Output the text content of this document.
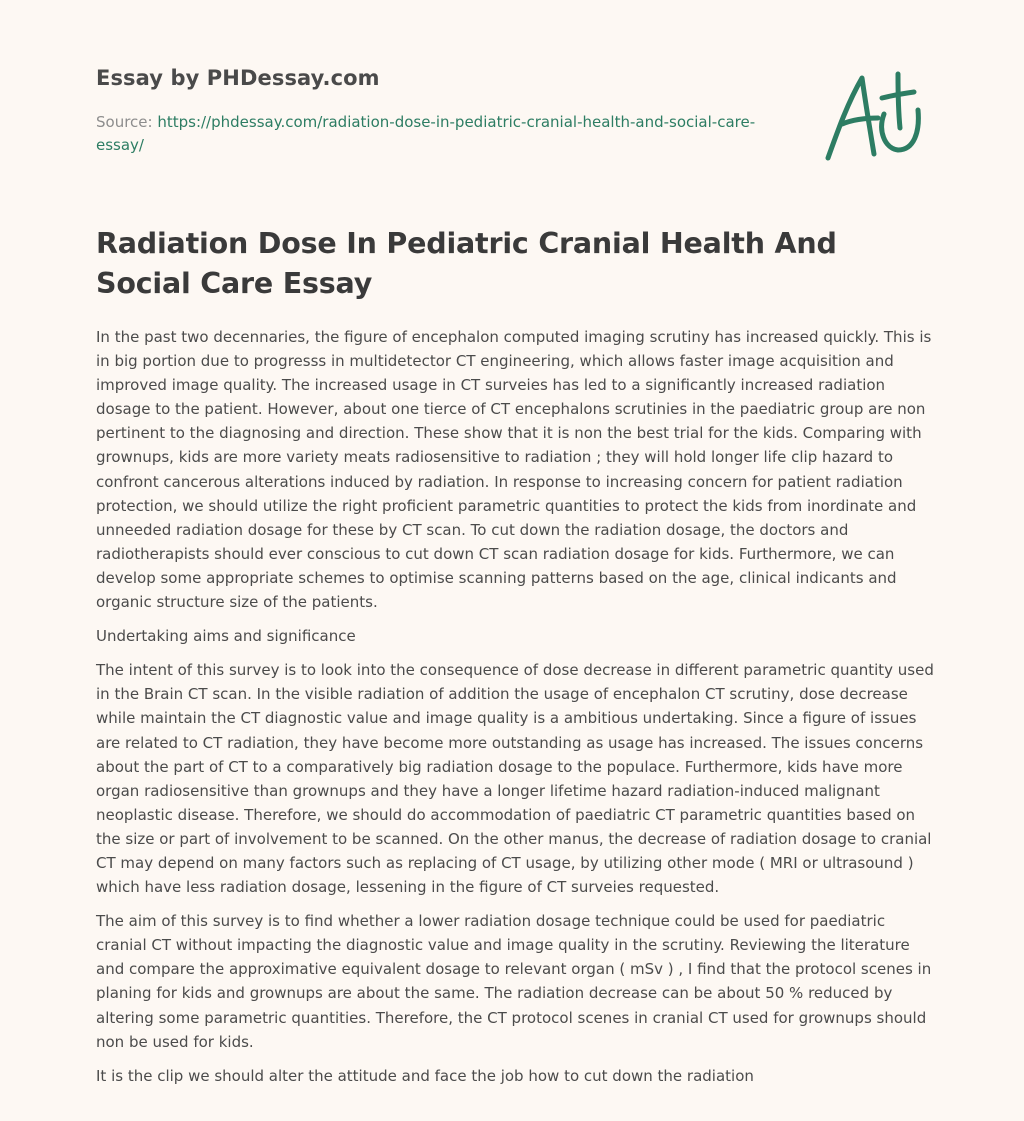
Essay by PHDessay.com
Source: https://phdessay.com/radiation-dose-in-pediatric-cranial-health-and-social-care-essay/
Radiation Dose In Pediatric Cranial Health And Social Care Essay

In the past two decennaries, the figure of encephalon computed imaging scrutiny has increased quickly. This is in big portion due to progresss in multidetector CT engineering, which allows faster image acquisition and improved image quality. The increased usage in CT surveies has led to a significantly increased radiation dosage to the patient. However, about one tierce of CT encephalons scrutinies in the paediatric group are non pertinent to the diagnosing and direction. These show that it is non the best trial for the kids. Comparing with grownups, kids are more variety meats radiosensitive to radiation ; they will hold longer life clip hazard to confront cancerous alterations induced by radiation. In response to increasing concern for patient radiation protection, we should utilize the right proficient parametric quantities to protect the kids from inordinate and unneeded radiation dosage for these by CT scan. To cut down the radiation dosage, the doctors and radiotherapists should ever conscious to cut down CT scan radiation dosage for kids. Furthermore, we can develop some appropriate schemes to optimise scanning patterns based on the age, clinical indicants and organic structure size of the patients.

Undertaking aims and significance

The intent of this survey is to look into the consequence of dose decrease in different parametric quantity used in the Brain CT scan. In the visible radiation of addition the usage of encephalon CT scrutiny, dose decrease while maintain the CT diagnostic value and image quality is a ambitious undertaking. Since a figure of issues are related to CT radiation, they have become more outstanding as usage has increased. The issues concerns about the part of CT to a comparatively big radiation dosage to the populace. Furthermore, kids have more organ radiosensitive than grownups and they have a longer lifetime hazard radiation-induced malignant neoplastic disease. Therefore, we should do accommodation of paediatric CT parametric quantities based on the size or part of involvement to be scanned. On the other manus, the decrease of radiation dosage to cranial CT may depend on many factors such as replacing of CT usage, by utilizing other mode ( MRI or ultrasound ) which have less radiation dosage, lessening in the figure of CT surveies requested.

The aim of this survey is to find whether a lower radiation dosage technique could be used for paediatric cranial CT without impacting the diagnostic value and image quality in the scrutiny. Reviewing the literature and compare the approximative equivalent dosage to relevant organ ( mSv ) , I find that the protocol scenes in planing for kids and grownups are about the same. The radiation decrease can be about 50 % reduced by altering some parametric quantities. Therefore, the CT protocol scenes in cranial CT used for grownups should non be used for kids.

It is the clip we should alter the attitude and face the job how to cut down the radiation
